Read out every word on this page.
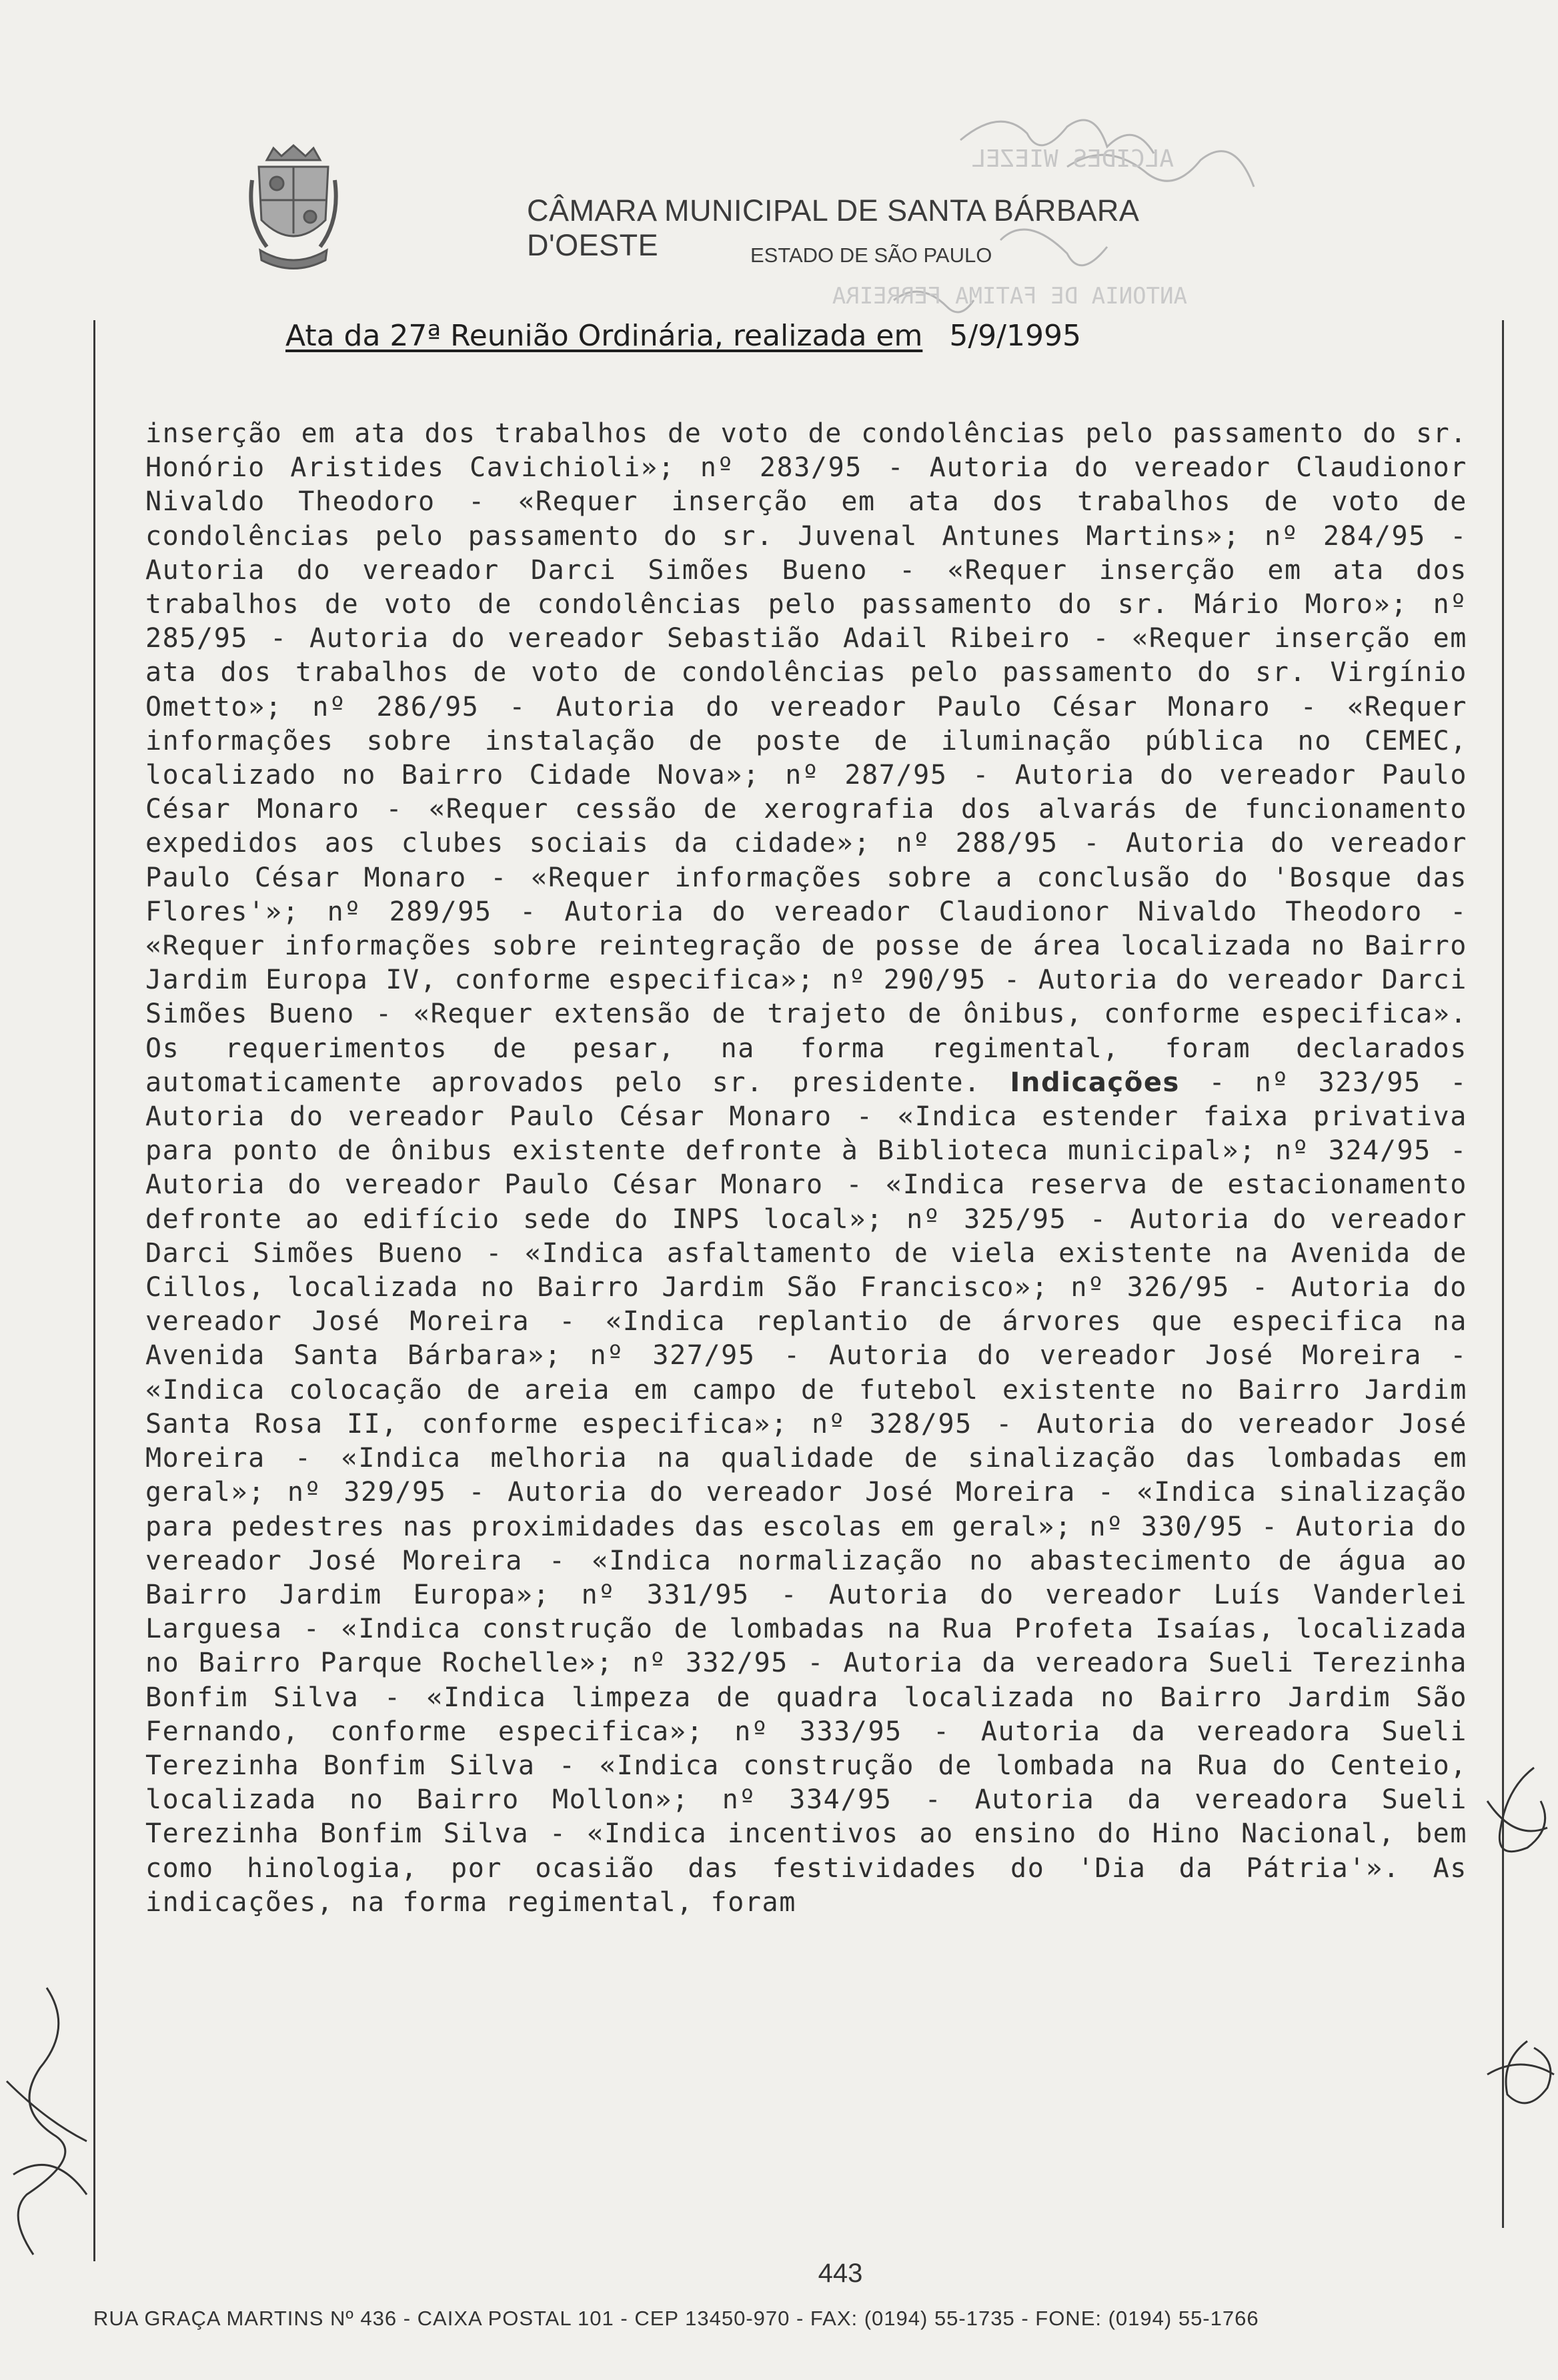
CÂMARA MUNICIPAL DE SANTA BÁRBARA D'OESTE	ESTADO DE SÃO PAULO
ALCIDES WIEZEL
ANTONIA DE FATIMA FERREIRA
Ata da 27ª Reunião Ordinária, realizada em 5/9/1995
inserção em ata dos trabalhos de voto de condolências pelo passamento do sr. Honório Aristides Cavichioli»; nº 283/95 - Autoria do vereador Claudionor Nivaldo Theodoro - «Requer inserção em ata dos trabalhos de voto de condolências pelo passamento do sr. Juvenal Antunes Martins»; nº 284/95 - Autoria do vereador Darci Simões Bueno - «Requer inserção em ata dos trabalhos de voto de condolências pelo passamento do sr. Mário Moro»; nº 285/95 - Autoria do vereador Sebastião Adail Ribeiro - «Requer inserção em ata dos trabalhos de voto de condolências pelo passamento do sr. Virgínio Ometto»; nº 286/95 - Autoria do vereador Paulo César Monaro - «Requer informações sobre instalação de poste de iluminação pública no CEMEC, localizado no Bairro Cidade Nova»; nº 287/95 - Autoria do vereador Paulo César Monaro - «Requer cessão de xerografia dos alvarás de funcionamento expedidos aos clubes sociais da cidade»; nº 288/95 - Autoria do vereador Paulo César Monaro - «Requer informações sobre a conclusão do 'Bosque das Flores'»; nº 289/95 - Autoria do vereador Claudionor Nivaldo Theodoro - «Requer informações sobre reintegração de posse de área localizada no Bairro Jardim Europa IV, conforme especifica»; nº 290/95 - Autoria do vereador Darci Simões Bueno - «Requer extensão de trajeto de ônibus, conforme especifica». Os requerimentos de pesar, na forma regimental, foram declarados automaticamente aprovados pelo sr. presidente. Indicações - nº 323/95 - Autoria do vereador Paulo César Monaro - «Indica estender faixa privativa para ponto de ônibus existente defronte à Biblioteca municipal»; nº 324/95 - Autoria do vereador Paulo César Monaro - «Indica reserva de estacionamento defronte ao edifício sede do INPS local»; nº 325/95 - Autoria do vereador Darci Simões Bueno - «Indica asfaltamento de viela existente na Avenida de Cillos, localizada no Bairro Jardim São Francisco»; nº 326/95 - Autoria do vereador José Moreira - «Indica replantio de árvores que especifica na Avenida Santa Bárbara»; nº 327/95 - Autoria do vereador José Moreira - «Indica colocação de areia em campo de futebol existente no Bairro Jardim Santa Rosa II, conforme especifica»; nº 328/95 - Autoria do vereador José Moreira - «Indica melhoria na qualidade de sinalização das lombadas em geral»; nº 329/95 - Autoria do vereador José Moreira - «Indica sinalização para pedestres nas proximidades das escolas em geral»; nº 330/95 - Autoria do vereador José Moreira - «Indica normalização no abastecimento de água ao Bairro Jardim Europa»; nº 331/95 - Autoria do vereador Luís Vanderlei Larguesa - «Indica construção de lombadas na Rua Profeta Isaías, localizada no Bairro Parque Rochelle»; nº 332/95 - Autoria da vereadora Sueli Terezinha Bonfim Silva - «Indica limpeza de quadra localizada no Bairro Jardim São Fernando, conforme especifica»; nº 333/95 - Autoria da vereadora Sueli Terezinha Bonfim Silva - «Indica construção de lombada na Rua do Centeio, localizada no Bairro Mollon»; nº 334/95 - Autoria da vereadora Sueli Terezinha Bonfim Silva - «Indica incentivos ao ensino do Hino Nacional, bem como hinologia, por ocasião das festividades do 'Dia da Pátria'». As indicações, na forma regimental, foram
443
RUA GRAÇA MARTINS Nº 436 - CAIXA POSTAL 101 - CEP 13450-970 - FAX: (0194) 55-1735 - FONE: (0194) 55-1766
